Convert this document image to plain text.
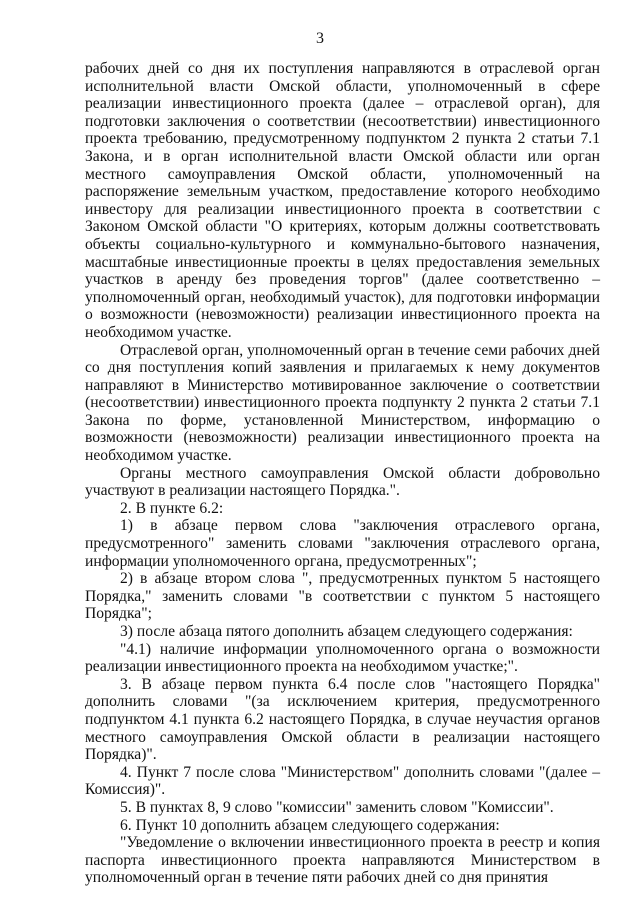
3

рабочих дней со дня их поступления направляются в отраслевой орган исполнительной власти Омской области, уполномоченный в сфере реализации инвестиционного проекта (далее – отраслевой орган), для подготовки заключения о соответствии (несоответствии) инвестиционного проекта требованию, предусмотренному подпунктом 2 пункта 2 статьи 7.1 Закона, и в орган исполнительной власти Омской области или орган местного самоуправления Омской области, уполномоченный на распоряжение земельным участком, предоставление которого необходимо инвестору для реализации инвестиционного проекта в соответствии с Законом Омской области "О критериях, которым должны соответствовать объекты социально-культурного и коммунально-бытового назначения, масштабные инвестиционные проекты в целях предоставления земельных участков в аренду без проведения торгов" (далее соответственно – уполномоченный орган, необходимый участок), для подготовки информации о возможности (невозможности) реализации инвестиционного проекта на необходимом участке.

Отраслевой орган, уполномоченный орган в течение семи рабочих дней со дня поступления копий заявления и прилагаемых к нему документов направляют в Министерство мотивированное заключение о соответствии (несоответствии) инвестиционного проекта подпункту 2 пункта 2 статьи 7.1 Закона по форме, установленной Министерством, информацию о возможности (невозможности) реализации инвестиционного проекта на необходимом участке.

Органы местного самоуправления Омской области добровольно участвуют в реализации настоящего Порядка.".

2. В пункте 6.2:

1) в абзаце первом слова "заключения отраслевого органа, предусмотренного" заменить словами "заключения отраслевого органа, информации уполномоченного органа, предусмотренных";

2) в абзаце втором слова ", предусмотренных пунктом 5 настоящего Порядка," заменить словами "в соответствии с пунктом 5 настоящего Порядка";

3) после абзаца пятого дополнить абзацем следующего содержания:

"4.1) наличие информации уполномоченного органа о возможности реализации инвестиционного проекта на необходимом участке;".

3. В абзаце первом пункта 6.4 после слов "настоящего Порядка" дополнить словами "(за исключением критерия, предусмотренного подпунктом 4.1 пункта 6.2 настоящего Порядка, в случае неучастия органов местного самоуправления Омской области в реализации настоящего Порядка)".

4. Пункт 7 после слова "Министерством" дополнить словами "(далее – Комиссия)".

5. В пунктах 8, 9 слово "комиссии" заменить словом "Комиссии".

6. Пункт 10 дополнить абзацем следующего содержания:

"Уведомление о включении инвестиционного проекта в реестр и копия паспорта инвестиционного проекта направляются Министерством в уполномоченный орган в течение пяти рабочих дней со дня принятия
